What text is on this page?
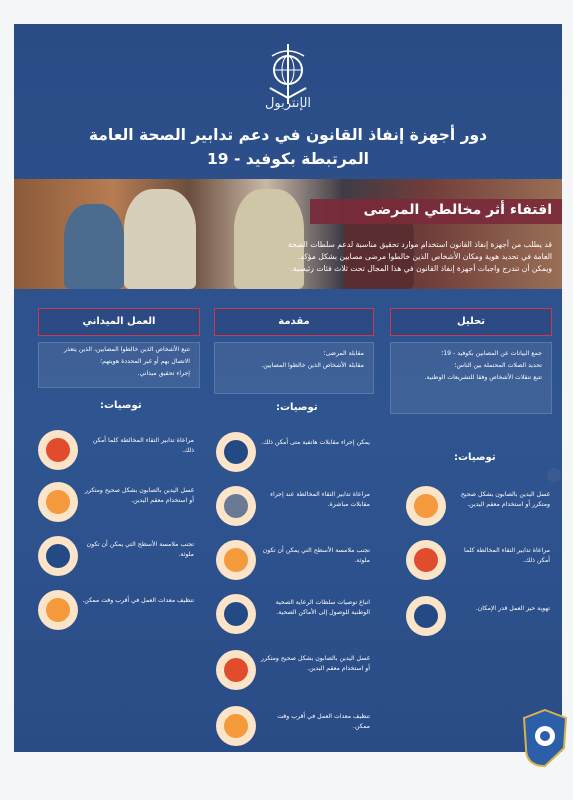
الإنتربول
دور أجهزة إنفاذ القانون في دعم تدابير الصحة العامة
المرتبطة بكوفيد - 19
اقتفاء أثر مخالطي المرضى
قد يطلب من أجهزة إنفاذ القانون استخدام موارد تحقيق مناسبة لدعم سلطات الصحة
العامة في تحديد هوية ومكان الأشخاص الذين خالطوا مرضى مصابين بشكل مؤكد.
ويمكن أن تندرج واجبات أجهزة إنفاذ القانون في هذا المجال تحت ثلاث فئات رئيسية.
تحليل
مقدمة
العمل الميداني
جمع البيانات عن المصابين بكوفيد - 19؛
تحديد الصلات المحتملة بين الناس؛
تتبع تنقلات الأشخاص وفقا للتشريعات الوطنية.
توصيات:
غسل اليدين بالصابون بشكل صحيح ومتكرر أو استخدام معقم اليدين.
مراعاة تدابير التقاء المخالطة كلما أمكن ذلك.
تهوية حيز العمل قدر الإمكان.
مقابلة المرضى؛
مقابلة الأشخاص الذين خالطوا المصابين.
توصيات:
يمكن إجراء مقابلات هاتفية متى أمكن ذلك.
مراعاة تدابير التقاء المخالطة عند إجراء مقابلات مباشرة.
تجنب ملامسة الأسطح التي يمكن أن تكون ملوثة.
اتباع توصيات سلطات الرعاية الصحية الوطنية للوصول إلى الأماكن الصحية.
غسل اليدين بالصابون بشكل صحيح ومتكرر أو استخدام معقم اليدين.
تنظيف معدات العمل في أقرب وقت ممكن.
تتبع الأشخاص الذين خالطوا المصابين، الذين يتعذر الاتصال بهم أو غير المحددة هويتهم؛
إجراء تحقيق ميداني.
توصيات:
مراعاة تدابير التقاء المخالطة كلما أمكن ذلك.
غسل اليدين بالصابون بشكل صحيح ومتكرر أو استخدام معقم اليدين.
تجنب ملامسة الأسطح التي يمكن أن تكون ملوثة.
تنظيف معدات العمل في أقرب وقت ممكن.
